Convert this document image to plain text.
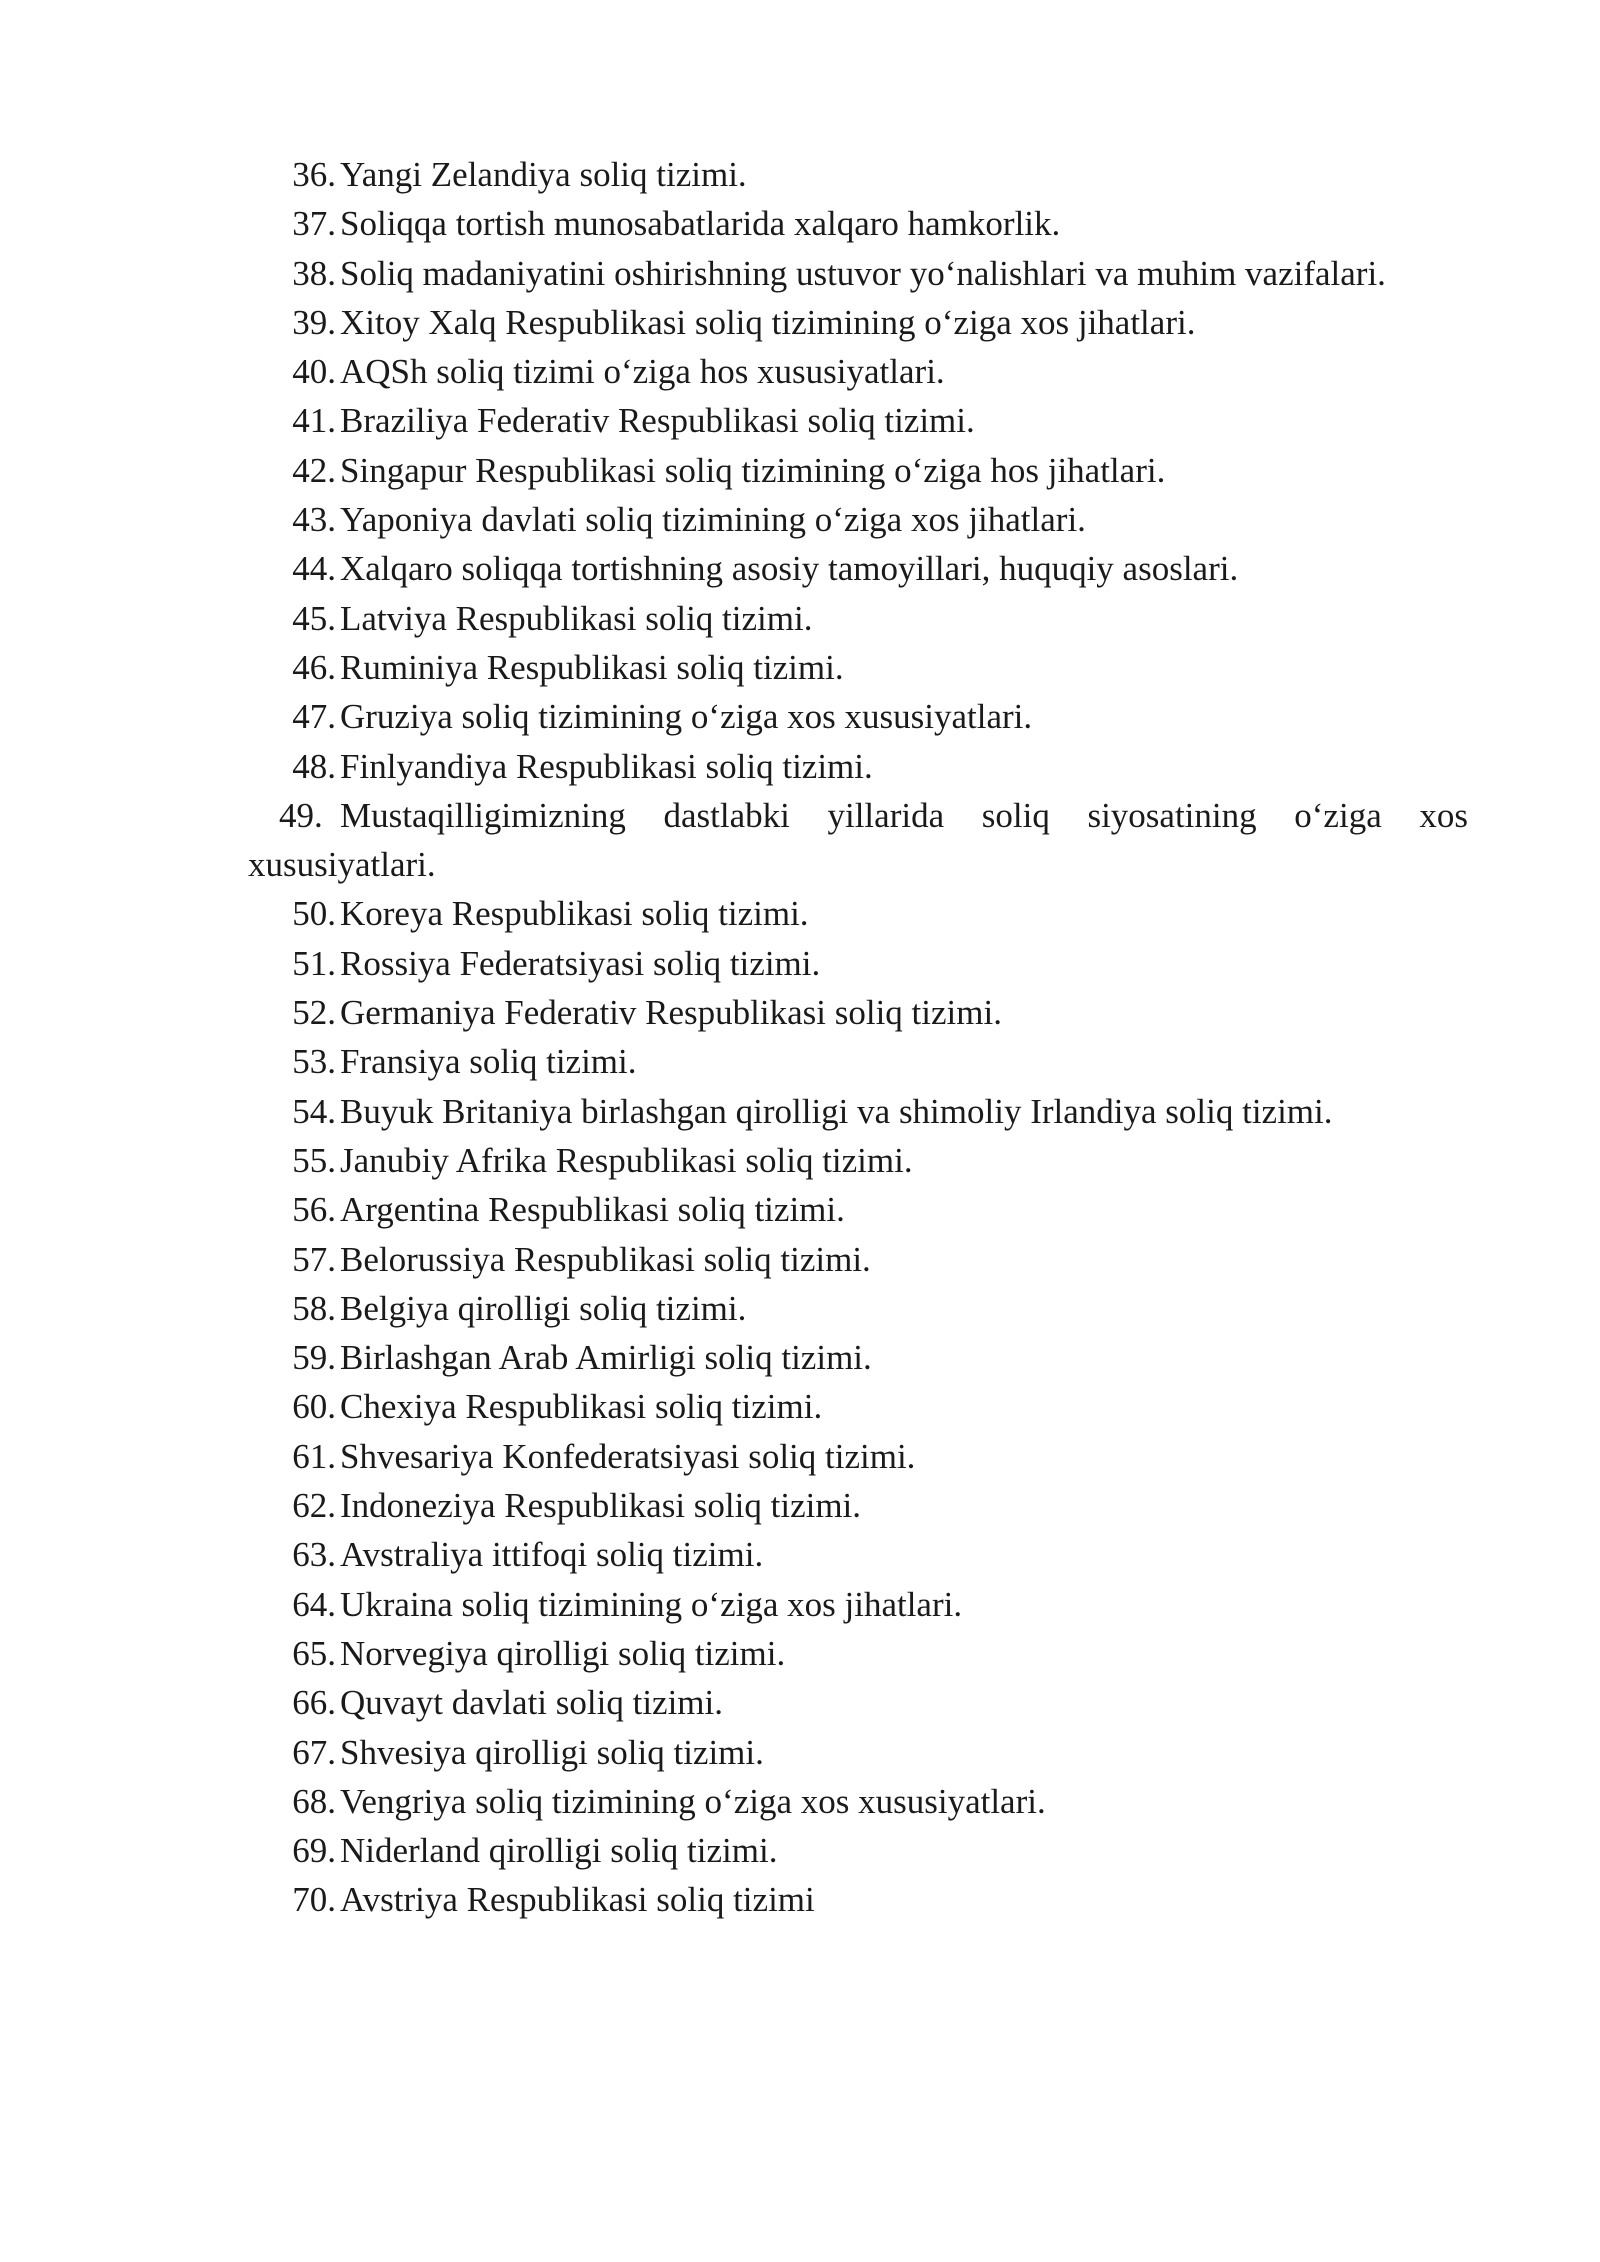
36. Yangi Zelandiya soliq tizimi.
37. Soliqqa tortish munosabatlarida xalqaro hamkorlik.
38. Soliq madaniyatini oshirishning ustuvor yo‘nalishlari va muhim vazifalari.
39. Xitoy Xalq Respublikasi soliq tizimining o‘ziga xos jihatlari.
40. AQSh soliq tizimi o‘ziga hos xususiyatlari.
41. Braziliya Federativ Respublikasi soliq tizimi.
42. Singapur Respublikasi soliq tizimining o‘ziga hos jihatlari.
43. Yaponiya davlati soliq tizimining o‘ziga xos jihatlari.
44. Xalqaro soliqqa tortishning asosiy tamoyillari, huquqiy asoslari.
45. Latviya Respublikasi soliq tizimi.
46. Ruminiya Respublikasi soliq tizimi.
47. Gruziya soliq tizimining o‘ziga xos xususiyatlari.
48. Finlyandiya Respublikasi soliq tizimi.
49. Mustaqilligimizning dastlabki yillarida soliq siyosatining o‘ziga xos xususiyatlari.
50. Koreya Respublikasi soliq tizimi.
51. Rossiya Federatsiyasi soliq tizimi.
52. Germaniya Federativ Respublikasi soliq tizimi.
53. Fransiya soliq tizimi.
54. Buyuk Britaniya birlashgan qirolligi va shimoliy Irlandiya soliq tizimi.
55. Janubiy Afrika Respublikasi soliq tizimi.
56. Argentina Respublikasi soliq tizimi.
57. Belorussiya Respublikasi soliq tizimi.
58. Belgiya qirolligi soliq tizimi.
59. Birlashgan Arab Amirligi soliq tizimi.
60. Chexiya Respublikasi soliq tizimi.
61. Shvesariya Konfederatsiyasi soliq tizimi.
62. Indoneziya Respublikasi soliq tizimi.
63. Avstraliya ittifoqi soliq tizimi.
64. Ukraina soliq tizimining o‘ziga xos jihatlari.
65. Norvegiya qirolligi soliq tizimi.
66. Quvayt davlati soliq tizimi.
67. Shvesiya qirolligi soliq tizimi.
68. Vengriya soliq tizimining o‘ziga xos xususiyatlari.
69. Niderland qirolligi soliq tizimi.
70. Avstriya Respublikasi soliq tizimi
